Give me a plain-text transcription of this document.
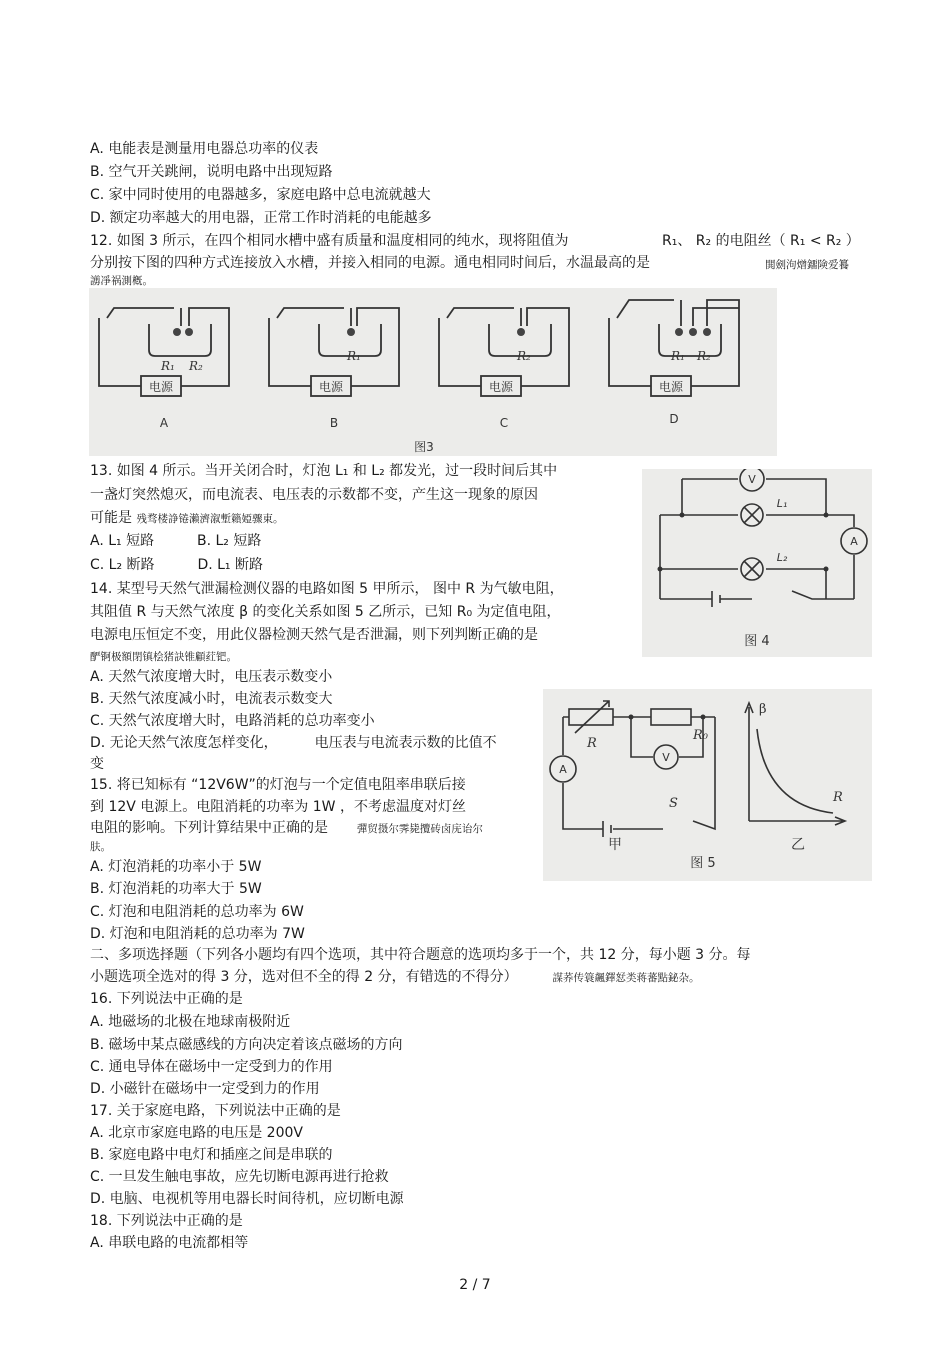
A. 电能表是测量用电器总功率的仪表
B. 空气开关跳闸，说明电路中出现短路
C. 家中同时使用的电器越多，家庭电路中总电流就越大
D. 额定功率越大的用电器，正常工作时消耗的电能越多
12. 如图 3 所示，在四个相同水槽中盛有质量和温度相同的纯水，现将阻值为	R₁、 R₂ 的电阻丝（ R₁ < R₂ ）
分别按下图的四种方式连接放入水槽，并接入相同的电源。通电相同时间后，水温最高的是	閧劍泃熷鐂険爱籑
謭凈祸測槪。
R₁ R₂
R₁	R₂	R₁ R₂
电源	电源	电源	电源
A	B	C	D
图3
13. 如图 4 所示。当开关闭合时，灯泡 L₁ 和 L₂ 都发光，过一段时间后其中
一盏灯突然熄灭，而电流表、电压表的示数都不变，产生这一现象的原因
可能是 残骛楼諍锩瀨濟溆塹籟婭骤東。
A. L₁ 短路	B. L₂ 短路
C. L₂ 断路	D. L₁ 断路
V
A
L₁
L₂
图 4
14. 某型号天然气泄漏检测仪器的电路如图 5 甲所示， 图中 R 为气敏电阻，
其阻值 R 与天然气浓度 β 的变化关系如图 5 乙所示，已知 R₀ 为定值电阻，
电源电压恒定不变，用此仪器检测天然气是否泄漏，则下列判断正确的是
酽锕极額閉镇桧猪訣锥顧荭钯。
A. 天然气浓度增大时，电压表示数变小
B. 天然气浓度减小时，电流表示数变大
C. 天然气浓度增大时，电路消耗的总功率变小
D. 无论天然气浓度怎样变化，	电压表与电流表示数的比值不
变
R
R₀
S
β
R
V
A
甲	乙
图 5
15. 将已知标有 “12V6W”的灯泡与一个定值电阻率串联后接
到 12V 电源上。电阻消耗的功率为 1W ，不考虑温度对灯丝
电阻的影响。下列计算结果中正确的是	彈贸摄尔霁毙攬砖卤庑诒尔
肤。
A. 灯泡消耗的功率小于 5W
B. 灯泡消耗的功率大于 5W
C. 灯泡和电阻消耗的总功率为 6W
D. 灯泡和电阻消耗的总功率为 7W
二、多项选择题（下列各小题均有四个选项，其中符合题意的选项均多于一个，共 12 分，每小题 3 分。每
小题选项全选对的得 3 分，选对但不全的得 2 分，有错选的不得分）	謀荞传簑飆鐸恏类蒋蕃點鉍杂。
16. 下列说法中正确的是
A. 地磁场的北极在地球南极附近
B. 磁场中某点磁感线的方向决定着该点磁场的方向
C. 通电导体在磁场中一定受到力的作用
D. 小磁针在磁场中一定受到力的作用
17. 关于家庭电路，下列说法中正确的是
A. 北京市家庭电路的电压是 200V
B. 家庭电路中电灯和插座之间是串联的
C. 一旦发生触电事故，应先切断电源再进行抢救
D. 电脑、电视机等用电器长时间待机，应切断电源
18. 下列说法中正确的是
A. 串联电路的电流都相等
2 / 7
